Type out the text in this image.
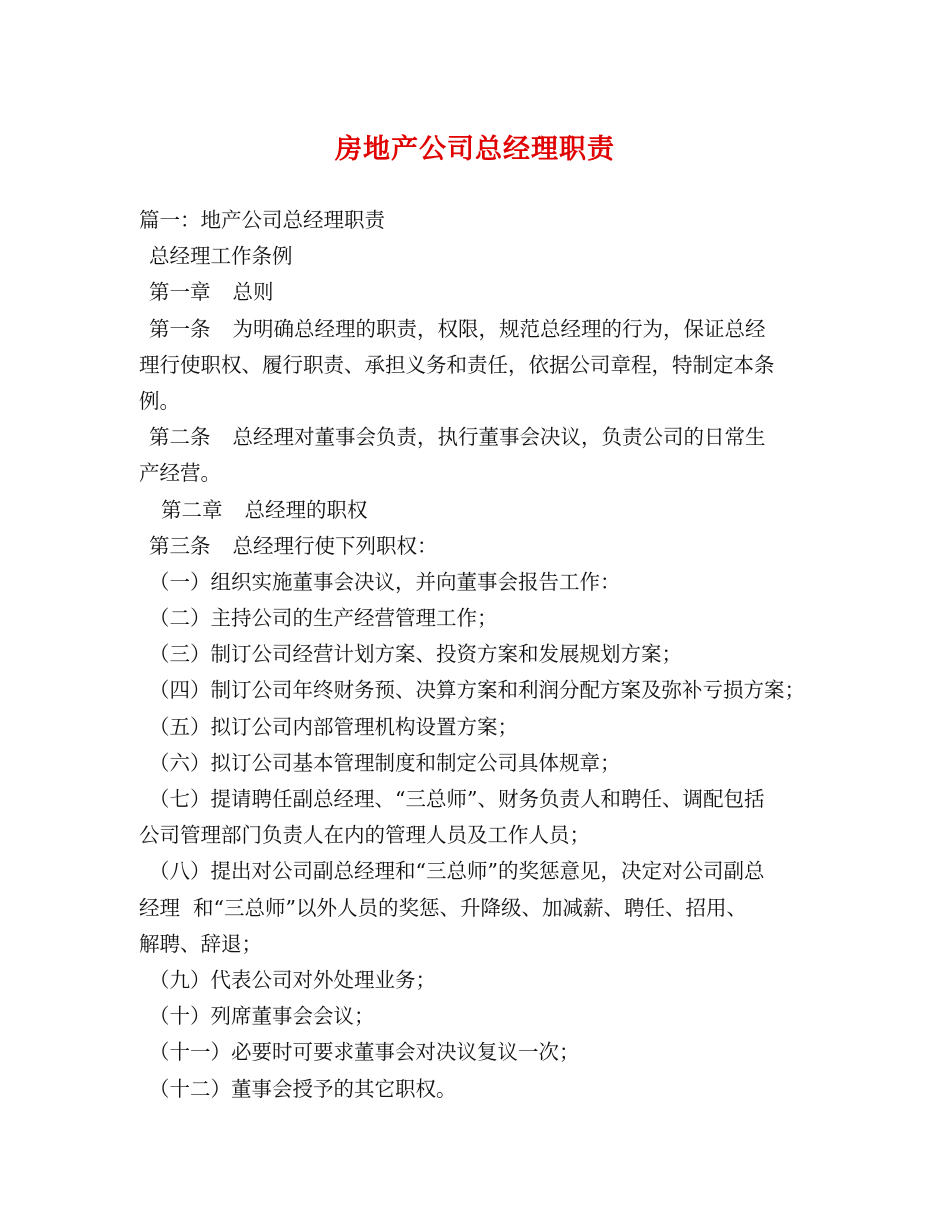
房地产公司总经理职责

篇一：地产公司总经理职责

总经理工作条例

第一章 总则

第一条 为明确总经理的职责，权限，规范总经理的行为，保证总经

理行使职权、履行职责、承担义务和责任，依据公司章程，特制定本条

例。

第二条 总经理对董事会负责，执行董事会决议，负责公司的日常生

产经营。

第二章 总经理的职权

第三条 总经理行使下列职权：

（一）组织实施董事会决议，并向董事会报告工作：

（二）主持公司的生产经营管理工作；

（三）制订公司经营计划方案、投资方案和发展规划方案；

（四）制订公司年终财务预、决算方案和利润分配方案及弥补亏损方案；

（五）拟订公司内部管理机构设置方案；

（六）拟订公司基本管理制度和制定公司具体规章；

（七）提请聘任副总经理、“三总师”、财务负责人和聘任、调配包括

公司管理部门负责人在内的管理人员及工作人员；

（八）提出对公司副总经理和“三总师”的奖惩意见，决定对公司副总

经理  和“三总师”以外人员的奖惩、升降级、加减薪、聘任、招用、

解聘、辞退；

（九）代表公司对外处理业务；

（十）列席董事会会议；

（十一）必要时可要求董事会对决议复议一次；

（十二）董事会授予的其它职权。
